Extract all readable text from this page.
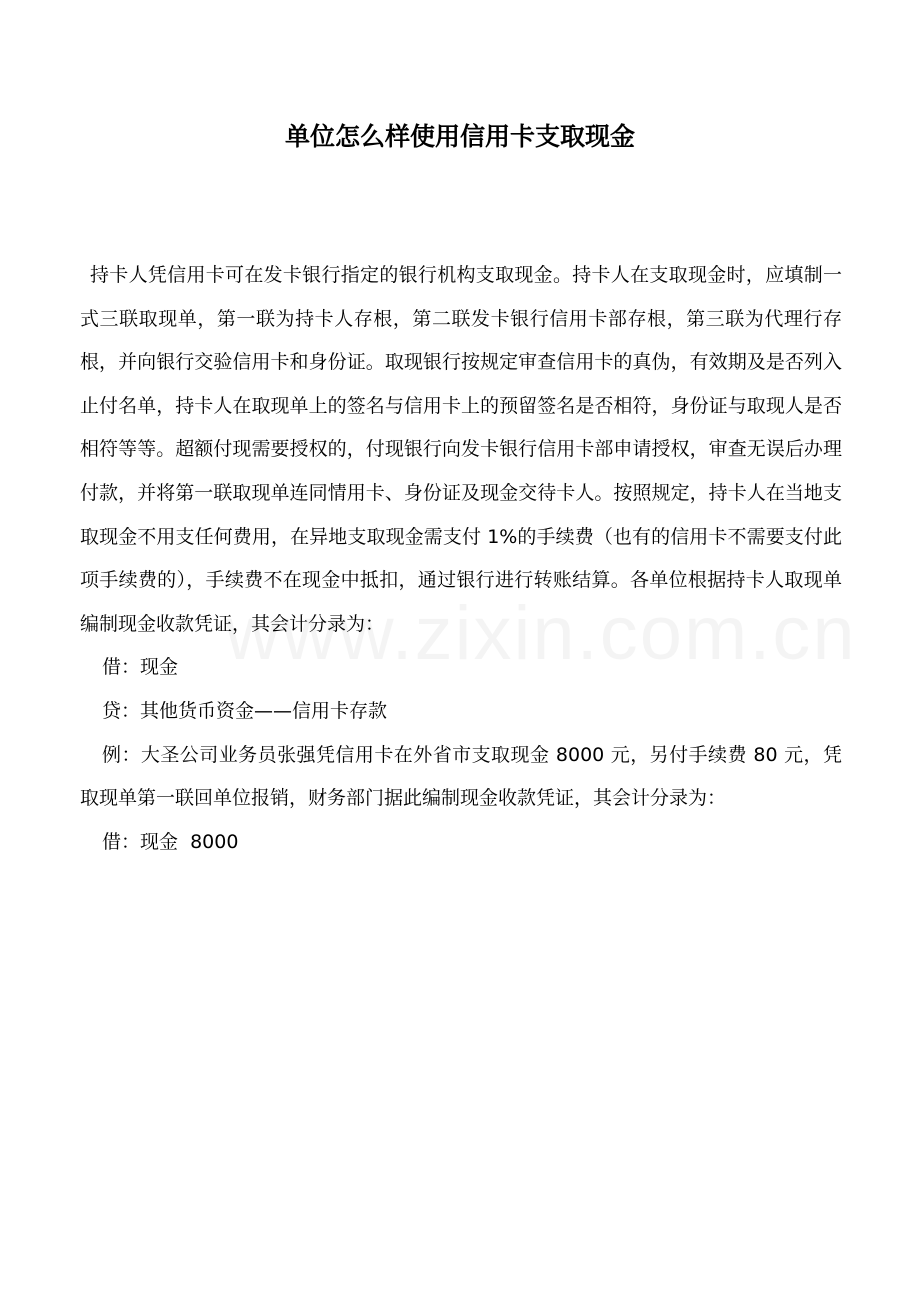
单位怎么样使用信用卡支取现金

持卡人凭信用卡可在发卡银行指定的银行机构支取现金。持卡人在支取现金时，应填制一式三联取现单，第一联为持卡人存根，第二联发卡银行信用卡部存根，第三联为代理行存根，并向银行交验信用卡和身份证。取现银行按规定审查信用卡的真伪，有效期及是否列入止付名单，持卡人在取现单上的签名与信用卡上的预留签名是否相符，身份证与取现人是否相符等等。超额付现需要授权的，付现银行向发卡银行信用卡部申请授权，审查无误后办理付款，并将第一联取现单连同情用卡、身份证及现金交待卡人。按照规定，持卡人在当地支取现金不用支任何费用，在异地支取现金需支付 1%的手续费（也有的信用卡不需要支付此项手续费的），手续费不在现金中抵扣，通过银行进行转账结算。各单位根据持卡人取现单编制现金收款凭证，其会计分录为：

借：现金

贷：其他货币资金——信用卡存款

例：大圣公司业务员张强凭信用卡在外省市支取现金 8000 元，另付手续费 80 元，凭取现单第一联回单位报销，财务部门据此编制现金收款凭证，其会计分录为：

借：现金  8000
